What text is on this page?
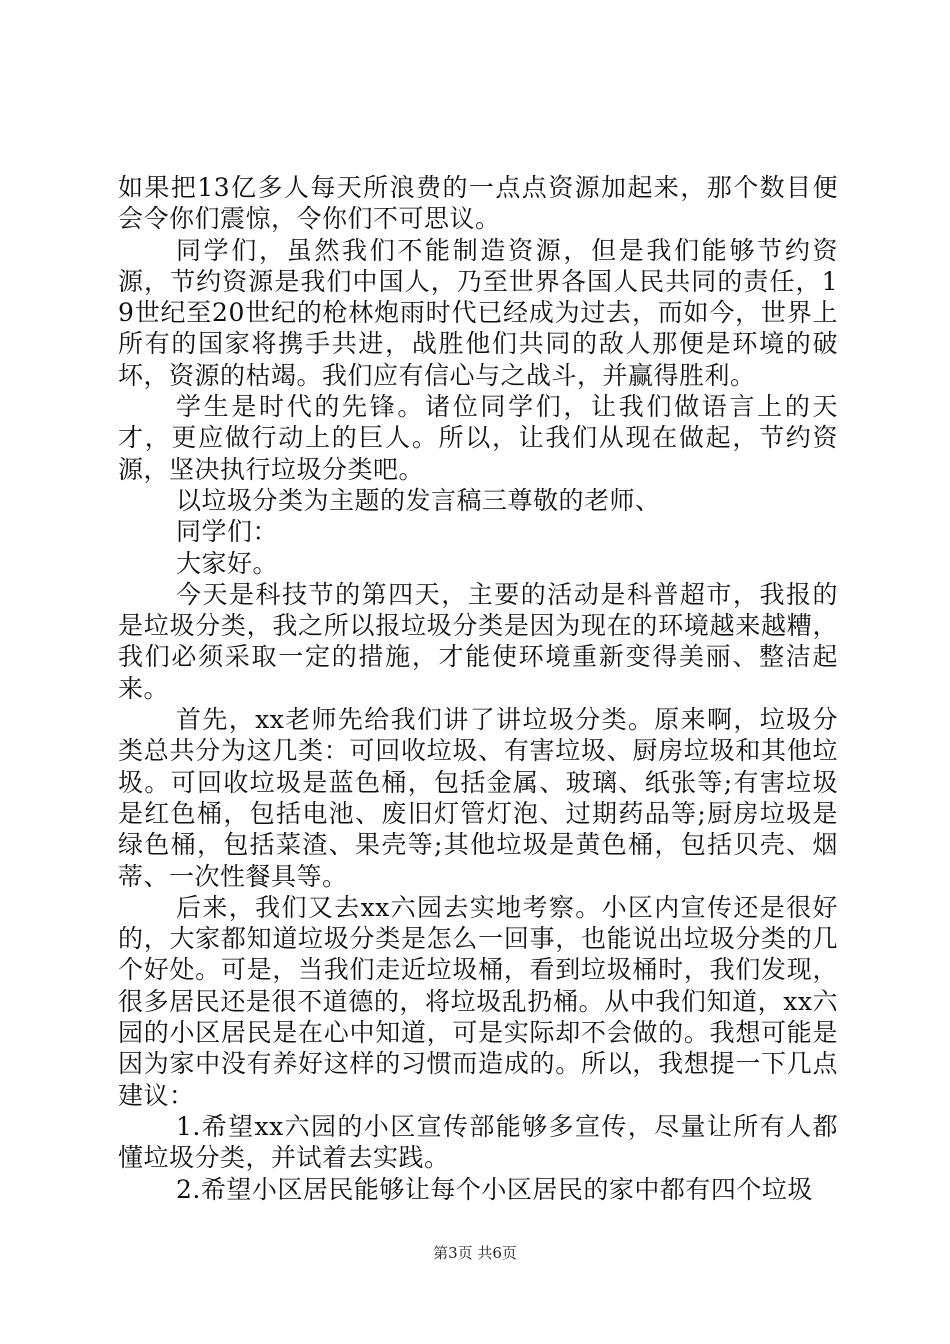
如果把13亿多人每天所浪费的一点点资源加起来，那个数目便会令你们震惊，令你们不可思议。

同学们，虽然我们不能制造资源，但是我们能够节约资源，节约资源是我们中国人，乃至世界各国人民共同的责任，19世纪至20世纪的枪林炮雨时代已经成为过去，而如今，世界上所有的国家将携手共进，战胜他们共同的敌人那便是环境的破坏，资源的枯竭。我们应有信心与之战斗，并赢得胜利。

学生是时代的先锋。诸位同学们，让我们做语言上的天才，更应做行动上的巨人。所以，让我们从现在做起，节约资源，坚决执行垃圾分类吧。

以垃圾分类为主题的发言稿三尊敬的老师、

同学们：

大家好。

今天是科技节的第四天，主要的活动是科普超市，我报的是垃圾分类，我之所以报垃圾分类是因为现在的环境越来越糟，我们必须采取一定的措施，才能使环境重新变得美丽、整洁起来。

首先，xx老师先给我们讲了讲垃圾分类。原来啊，垃圾分类总共分为这几类：可回收垃圾、有害垃圾、厨房垃圾和其他垃圾。可回收垃圾是蓝色桶，包括金属、玻璃、纸张等;有害垃圾是红色桶，包括电池、废旧灯管灯泡、过期药品等;厨房垃圾是绿色桶，包括菜渣、果壳等;其他垃圾是黄色桶，包括贝壳、烟蒂、一次性餐具等。

后来，我们又去xx六园去实地考察。小区内宣传还是很好的，大家都知道垃圾分类是怎么一回事，也能说出垃圾分类的几个好处。可是，当我们走近垃圾桶，看到垃圾桶时，我们发现，很多居民还是很不道德的，将垃圾乱扔桶。从中我们知道，xx六园的小区居民是在心中知道，可是实际却不会做的。我想可能是因为家中没有养好这样的习惯而造成的。所以，我想提一下几点建议：

1.希望xx六园的小区宣传部能够多宣传，尽量让所有人都懂垃圾分类，并试着去实践。

2.希望小区居民能够让每个小区居民的家中都有四个垃圾

第3页 共6页
